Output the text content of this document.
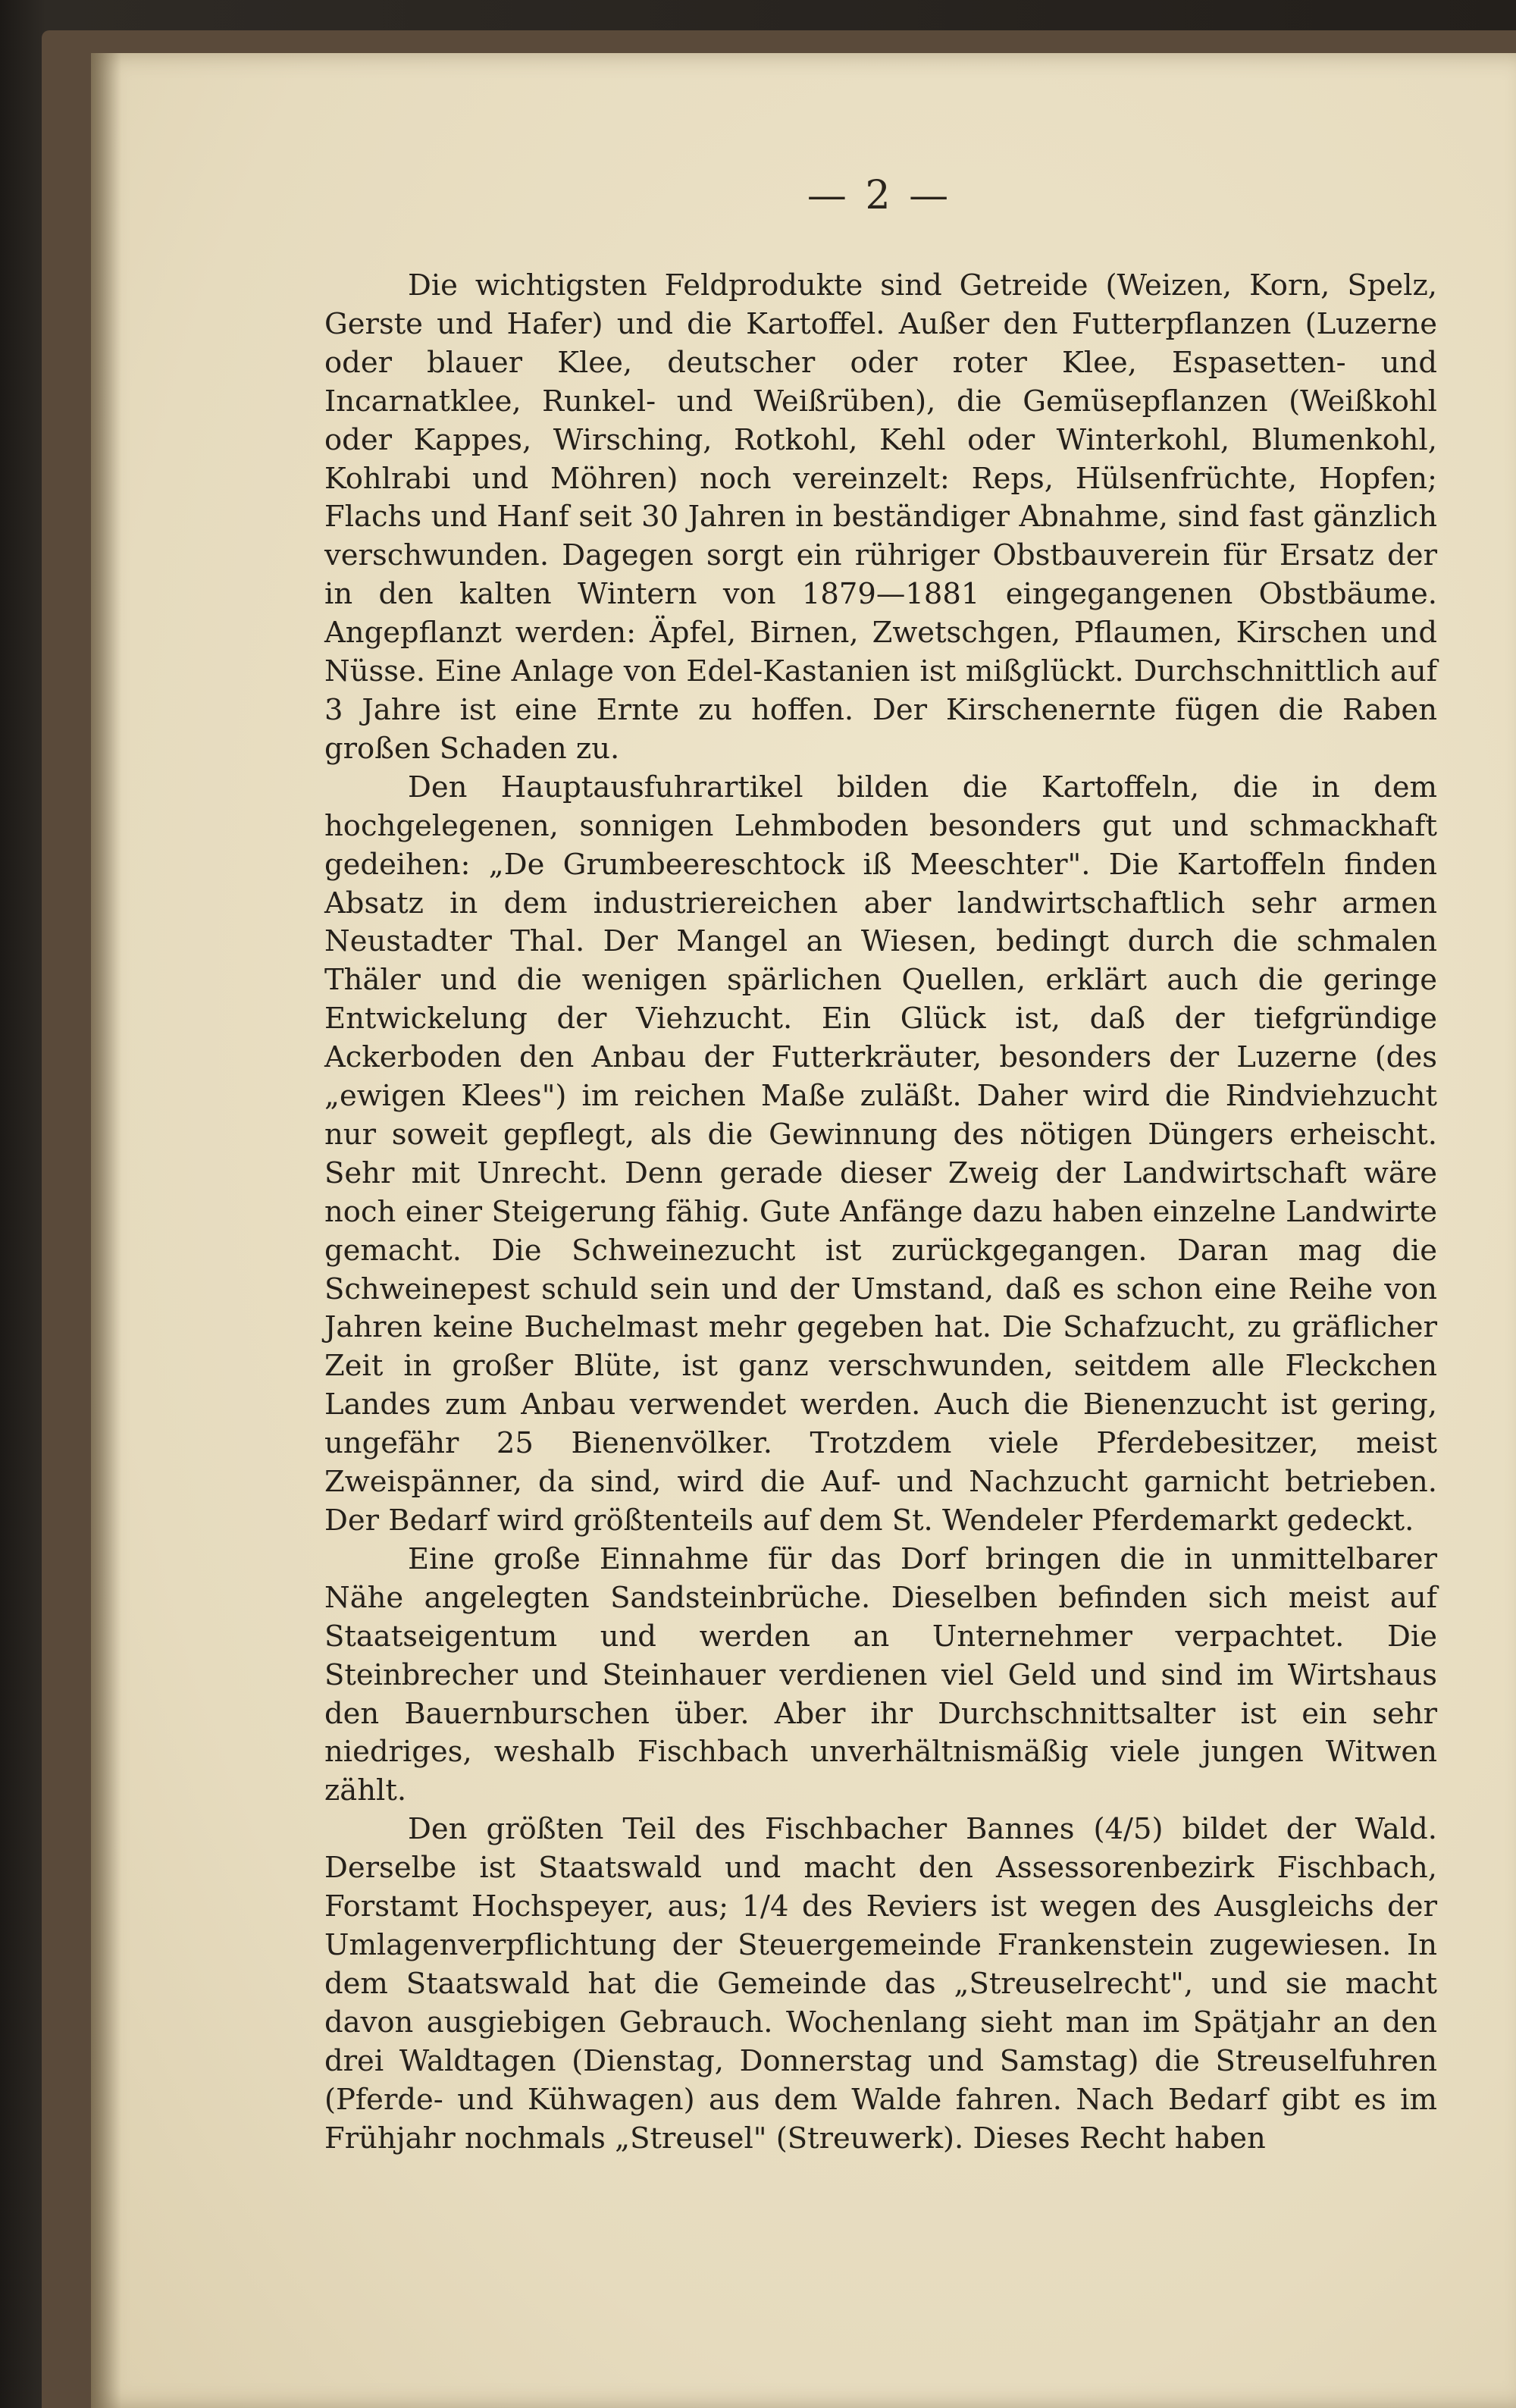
— 2 —

Die wichtigsten Feldprodukte sind Getreide (Weizen, Korn, Spelz, Gerste und Hafer) und die Kartoffel. Außer den Futterpflanzen (Luzerne oder blauer Klee, deutscher oder roter Klee, Espasetten- und Incarnatklee, Runkel- und Weißrüben), die Gemüsepflanzen (Weißkohl oder Kappes, Wirsching, Rotkohl, Kehl oder Winterkohl, Blumenkohl, Kohlrabi und Möhren) noch vereinzelt: Reps, Hülsenfrüchte, Hopfen; Flachs und Hanf seit 30 Jahren in beständiger Abnahme, sind fast gänzlich verschwunden. Dagegen sorgt ein rühriger Obstbauverein für Ersatz der in den kalten Wintern von 1879—1881 eingegangenen Obstbäume. Angepflanzt werden: Äpfel, Birnen, Zwetschgen, Pflaumen, Kirschen und Nüsse. Eine Anlage von Edel-Kastanien ist mißglückt. Durchschnittlich auf 3 Jahre ist eine Ernte zu hoffen. Der Kirschenernte fügen die Raben großen Schaden zu.

Den Hauptausfuhrartikel bilden die Kartoffeln, die in dem hochgelegenen, sonnigen Lehmboden besonders gut und schmackhaft gedeihen: „De Grumbeereschtock iß Meeschter". Die Kartoffeln finden Absatz in dem industriereichen aber landwirtschaftlich sehr armen Neustadter Thal. Der Mangel an Wiesen, bedingt durch die schmalen Thäler und die wenigen spärlichen Quellen, erklärt auch die geringe Entwickelung der Viehzucht. Ein Glück ist, daß der tiefgründige Ackerboden den Anbau der Futterkräuter, besonders der Luzerne (des „ewigen Klees") im reichen Maße zuläßt. Daher wird die Rindviehzucht nur soweit gepflegt, als die Gewinnung des nötigen Düngers erheischt. Sehr mit Unrecht. Denn gerade dieser Zweig der Landwirtschaft wäre noch einer Steigerung fähig. Gute Anfänge dazu haben einzelne Landwirte gemacht. Die Schweinezucht ist zurückgegangen. Daran mag die Schweinepest schuld sein und der Umstand, daß es schon eine Reihe von Jahren keine Buchelmast mehr gegeben hat. Die Schafzucht, zu gräflicher Zeit in großer Blüte, ist ganz verschwunden, seitdem alle Fleckchen Landes zum Anbau verwendet werden. Auch die Bienenzucht ist gering, ungefähr 25 Bienenvölker. Trotzdem viele Pferdebesitzer, meist Zweispänner, da sind, wird die Auf- und Nachzucht garnicht betrieben. Der Bedarf wird größtenteils auf dem St. Wendeler Pferdemarkt gedeckt.

Eine große Einnahme für das Dorf bringen die in unmittelbarer Nähe angelegten Sandsteinbrüche. Dieselben befinden sich meist auf Staatseigentum und werden an Unternehmer verpachtet. Die Steinbrecher und Steinhauer verdienen viel Geld und sind im Wirtshaus den Bauernburschen über. Aber ihr Durchschnittsalter ist ein sehr niedriges, weshalb Fischbach unverhältnismäßig viele jungen Witwen zählt.

Den größten Teil des Fischbacher Bannes (4/5) bildet der Wald. Derselbe ist Staatswald und macht den Assessorenbezirk Fischbach, Forstamt Hochspeyer, aus; 1/4 des Reviers ist wegen des Ausgleichs der Umlagenverpflichtung der Steuergemeinde Frankenstein zugewiesen. In dem Staatswald hat die Gemeinde das „Streuselrecht", und sie macht davon ausgiebigen Gebrauch. Wochenlang sieht man im Spätjahr an den drei Waldtagen (Dienstag, Donnerstag und Samstag) die Streuselfuhren (Pferde- und Kühwagen) aus dem Walde fahren. Nach Bedarf gibt es im Frühjahr nochmals „Streusel" (Streuwerk). Dieses Recht haben
